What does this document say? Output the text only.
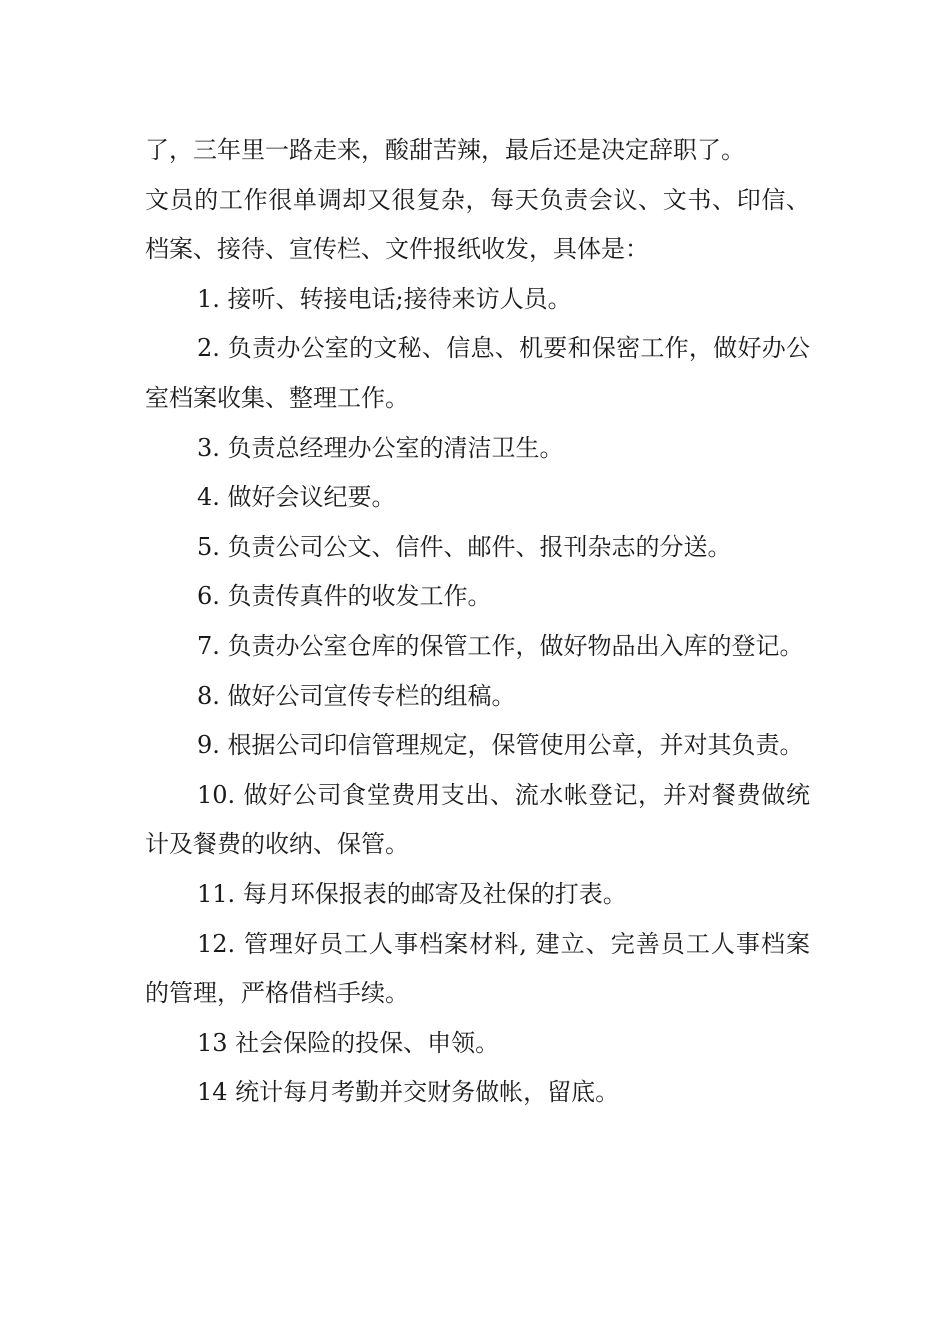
了，三年里一路走来，酸甜苦辣，最后还是决定辞职了。

文员的工作很单调却又很复杂，每天负责会议、文书、印信、档案、接待、宣传栏、文件报纸收发，具体是：

1. 接听、转接电话;接待来访人员。

2. 负责办公室的文秘、信息、机要和保密工作，做好办公室档案收集、整理工作。

3. 负责总经理办公室的清洁卫生。

4. 做好会议纪要。

5. 负责公司公文、信件、邮件、报刊杂志的分送。

6. 负责传真件的收发工作。

7. 负责办公室仓库的保管工作，做好物品出入库的登记。

8. 做好公司宣传专栏的组稿。

9. 根据公司印信管理规定，保管使用公章，并对其负责。

10. 做好公司食堂费用支出、流水帐登记，并对餐费做统计及餐费的收纳、保管。

11. 每月环保报表的邮寄及社保的打表。

12. 管理好员工人事档案材料, 建立、完善员工人事档案的管理，严格借档手续。

13 社会保险的投保、申领。

14 统计每月考勤并交财务做帐，留底。
